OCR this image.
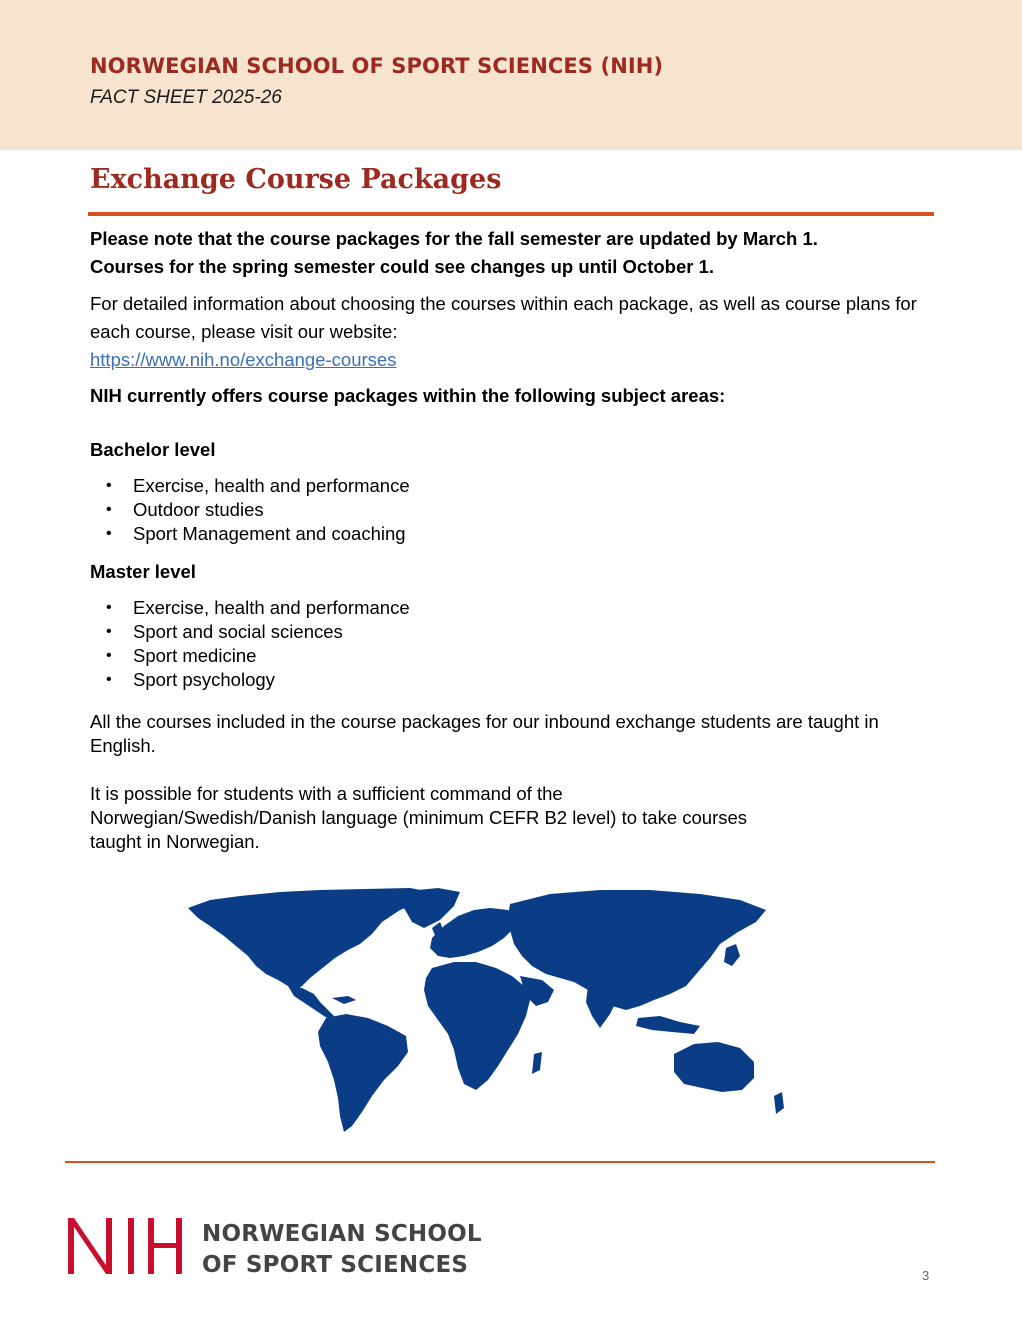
NORWEGIAN SCHOOL OF SPORT SCIENCES (NIH)
FACT SHEET 2025-26
Exchange Course Packages

Please note that the course packages for the fall semester are updated by March 1.

Courses for the spring semester could see changes up until October 1.

For detailed information about choosing the courses within each package, as well as course plans for each course, please visit our website:
https://www.nih.no/exchange-courses

NIH currently offers course packages within the following subject areas:

Bachelor level

• Exercise, health and performance
• Outdoor studies
• Sport Management and coaching

Master level

• Exercise, health and performance
• Sport and social sciences
• Sport medicine
• Sport psychology

All the courses included in the course packages for our inbound exchange students are taught in English.

It is possible for students with a sufficient command of the
Norwegian/Swedish/Danish language (minimum CEFR B2 level) to take courses
taught in Norwegian.

NORWEGIAN SCHOOL
OF SPORT SCIENCES	3
